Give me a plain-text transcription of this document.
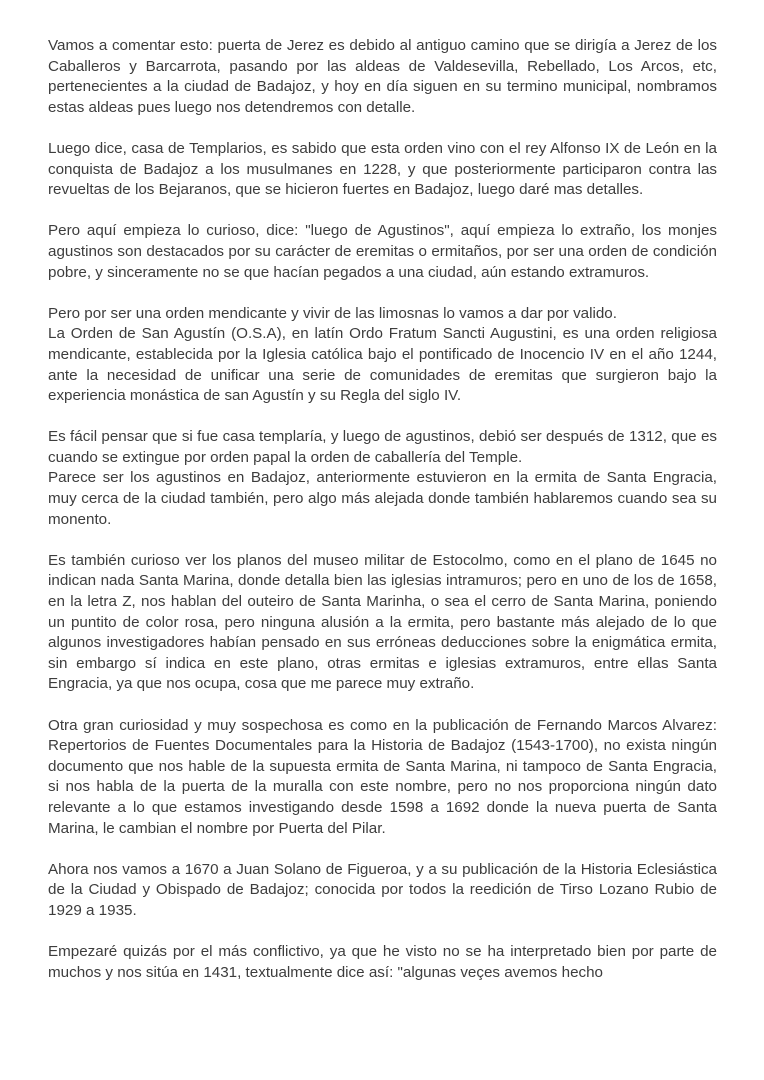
Vamos a comentar esto: puerta de Jerez es debido al antiguo camino que se dirigía a Jerez de los Caballeros y Barcarrota, pasando por las aldeas de Valdesevilla, Rebellado, Los Arcos, etc, pertenecientes a la ciudad de Badajoz, y hoy en día siguen en su termino municipal, nombramos estas aldeas pues luego nos detendremos con detalle.

Luego dice, casa de Templarios, es sabido que esta orden vino con el rey Alfonso IX de León en la conquista de Badajoz a los musulmanes en 1228, y que posteriormente participaron contra las revueltas de los Bejaranos, que se hicieron fuertes en Badajoz, luego daré mas detalles.

Pero aquí empieza lo curioso, dice: "luego de Agustinos", aquí empieza lo extraño, los monjes agustinos son destacados por su carácter de eremitas o ermitaños, por ser una orden de condición pobre, y sinceramente no se que hacían pegados a una ciudad, aún estando extramuros.

Pero por ser una orden mendicante y vivir de las limosnas lo vamos a dar por valido.

La Orden de San Agustín (O.S.A), en latín Ordo Fratum Sancti Augustini, es una orden religiosa mendicante, establecida por la Iglesia católica bajo el pontificado de Inocencio IV en el año 1244, ante la necesidad de unificar una serie de comunidades de eremitas que surgieron bajo la experiencia monástica de san Agustín y su Regla del siglo IV.

Es fácil pensar que si fue casa templaría, y luego de agustinos, debió ser después de 1312, que es cuando se extingue por orden papal la orden de caballería del Temple.

Parece ser los agustinos en Badajoz, anteriormente estuvieron en la ermita de Santa Engracia, muy cerca de la ciudad también, pero algo más alejada donde también hablaremos cuando sea su monento.

Es también curioso ver los planos del museo militar de Estocolmo, como en el plano de 1645 no indican nada Santa Marina, donde detalla bien las iglesias intramuros; pero en uno de los de 1658, en la letra Z, nos hablan del outeiro de Santa Marinha, o sea el cerro de Santa Marina, poniendo un puntito de color rosa, pero ninguna alusión a la ermita, pero bastante más alejado de lo que algunos investigadores habían pensado en sus erróneas deducciones sobre la enigmática ermita, sin embargo sí indica en este plano, otras ermitas e iglesias extramuros, entre ellas Santa Engracia, ya que nos ocupa, cosa que me parece muy extraño.

Otra gran curiosidad y muy sospechosa es como en la publicación de Fernando Marcos Alvarez: Repertorios de Fuentes Documentales para la Historia de Badajoz (1543-1700), no exista ningún documento que nos hable de la supuesta ermita de Santa Marina, ni tampoco de Santa Engracia, si nos habla de la puerta de la muralla con este nombre, pero no nos proporciona ningún dato relevante a lo que estamos investigando desde 1598 a 1692 donde la nueva puerta de Santa Marina, le cambian el nombre por Puerta del Pilar.

Ahora nos vamos a 1670 a Juan Solano de Figueroa, y a su publicación de la Historia Eclesiástica de la Ciudad y Obispado de Badajoz; conocida por todos la reedición de Tirso Lozano Rubio de 1929 a 1935.

Empezaré quizás por el más conflictivo, ya que he visto no se ha interpretado bien por parte de muchos y nos sitúa en 1431, textualmente dice así: "algunas veçes avemos hecho
